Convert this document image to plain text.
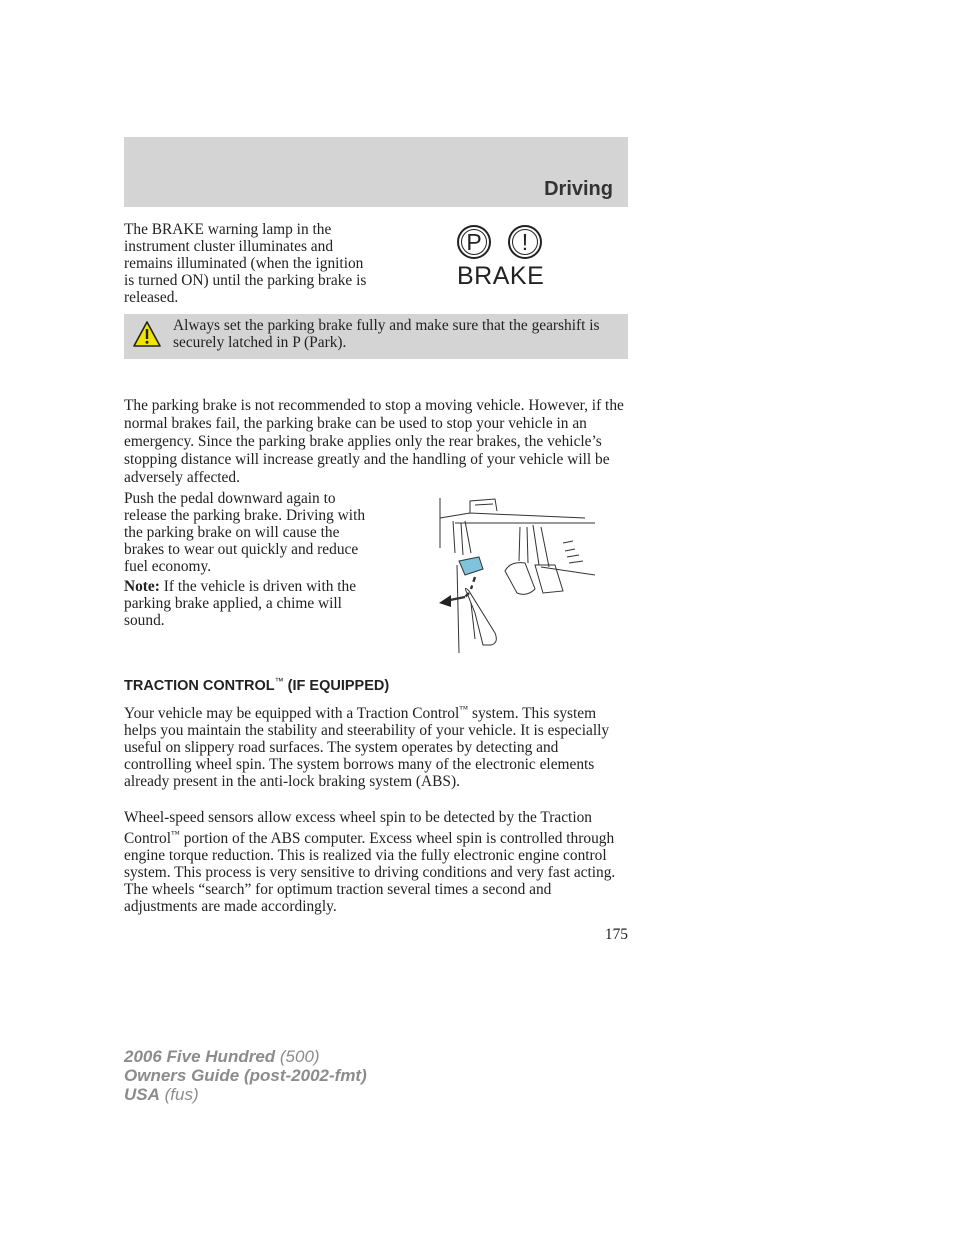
Driving
The BRAKE warning lamp in the instrument cluster illuminates and remains illuminated (when the ignition is turned ON) until the parking brake is released.
P	!
BRAKE
Always set the parking brake fully and make sure that the gearshift is securely latched in P (Park).
The parking brake is not recommended to stop a moving vehicle. However, if the normal brakes fail, the parking brake can be used to stop your vehicle in an emergency. Since the parking brake applies only the rear brakes, the vehicle’s stopping distance will increase greatly and the handling of your vehicle will be adversely affected.
Push the pedal downward again to release the parking brake. Driving with the parking brake on will cause the brakes to wear out quickly and reduce fuel economy.
Note: If the vehicle is driven with the parking brake applied, a chime will sound.
TRACTION CONTROL™ (IF EQUIPPED)
Your vehicle may be equipped with a Traction Control™ system. This system helps you maintain the stability and steerability of your vehicle. It is especially useful on slippery road surfaces. The system operates by detecting and controlling wheel spin. The system borrows many of the electronic elements already present in the anti-lock braking system (ABS).
Wheel-speed sensors allow excess wheel spin to be detected by the Traction Control™ portion of the ABS computer. Excess wheel spin is controlled through engine torque reduction. This is realized via the fully electronic engine control system. This process is very sensitive to driving conditions and very fast acting. The wheels “search” for optimum traction several times a second and adjustments are made accordingly.
175
2006 Five Hundred (500)
Owners Guide (post-2002-fmt)
USA (fus)
